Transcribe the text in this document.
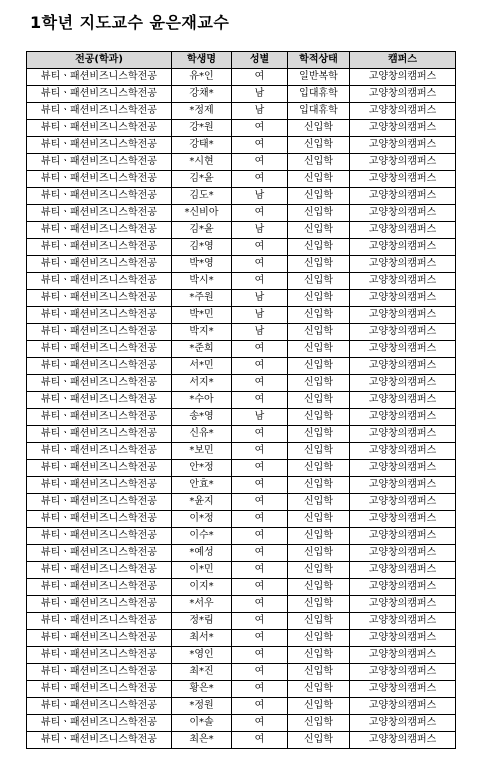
1학년 지도교수 윤은재교수
전공(학과)	학생명	성별	학적상태	캠퍼스
뷰티ㆍ패션비즈니스학전공	유*인	여	일반복학	고양창의캠퍼스
뷰티ㆍ패션비즈니스학전공	강채*	남	입대휴학	고양창의캠퍼스
뷰티ㆍ패션비즈니스학전공	*정제	남	입대휴학	고양창의캠퍼스
뷰티ㆍ패션비즈니스학전공	강*원	여	신입학	고양창의캠퍼스
뷰티ㆍ패션비즈니스학전공	강태*	여	신입학	고양창의캠퍼스
뷰티ㆍ패션비즈니스학전공	*시현	여	신입학	고양창의캠퍼스
뷰티ㆍ패션비즈니스학전공	김*윤	여	신입학	고양창의캠퍼스
뷰티ㆍ패션비즈니스학전공	김도*	남	신입학	고양창의캠퍼스
뷰티ㆍ패션비즈니스학전공	*신비아	여	신입학	고양창의캠퍼스
뷰티ㆍ패션비즈니스학전공	김*윤	남	신입학	고양창의캠퍼스
뷰티ㆍ패션비즈니스학전공	김*영	여	신입학	고양창의캠퍼스
뷰티ㆍ패션비즈니스학전공	박*영	여	신입학	고양창의캠퍼스
뷰티ㆍ패션비즈니스학전공	박시*	여	신입학	고양창의캠퍼스
뷰티ㆍ패션비즈니스학전공	*주원	남	신입학	고양창의캠퍼스
뷰티ㆍ패션비즈니스학전공	박*민	남	신입학	고양창의캠퍼스
뷰티ㆍ패션비즈니스학전공	박지*	남	신입학	고양창의캠퍼스
뷰티ㆍ패션비즈니스학전공	*준희	여	신입학	고양창의캠퍼스
뷰티ㆍ패션비즈니스학전공	서*민	여	신입학	고양창의캠퍼스
뷰티ㆍ패션비즈니스학전공	서지*	여	신입학	고양창의캠퍼스
뷰티ㆍ패션비즈니스학전공	*수아	여	신입학	고양창의캠퍼스
뷰티ㆍ패션비즈니스학전공	송*영	남	신입학	고양창의캠퍼스
뷰티ㆍ패션비즈니스학전공	신유*	여	신입학	고양창의캠퍼스
뷰티ㆍ패션비즈니스학전공	*보민	여	신입학	고양창의캠퍼스
뷰티ㆍ패션비즈니스학전공	안*정	여	신입학	고양창의캠퍼스
뷰티ㆍ패션비즈니스학전공	안효*	여	신입학	고양창의캠퍼스
뷰티ㆍ패션비즈니스학전공	*윤지	여	신입학	고양창의캠퍼스
뷰티ㆍ패션비즈니스학전공	이*정	여	신입학	고양창의캠퍼스
뷰티ㆍ패션비즈니스학전공	이수*	여	신입학	고양창의캠퍼스
뷰티ㆍ패션비즈니스학전공	*예성	여	신입학	고양창의캠퍼스
뷰티ㆍ패션비즈니스학전공	이*민	여	신입학	고양창의캠퍼스
뷰티ㆍ패션비즈니스학전공	이지*	여	신입학	고양창의캠퍼스
뷰티ㆍ패션비즈니스학전공	*서우	여	신입학	고양창의캠퍼스
뷰티ㆍ패션비즈니스학전공	정*림	여	신입학	고양창의캠퍼스
뷰티ㆍ패션비즈니스학전공	최서*	여	신입학	고양창의캠퍼스
뷰티ㆍ패션비즈니스학전공	*영인	여	신입학	고양창의캠퍼스
뷰티ㆍ패션비즈니스학전공	최*진	여	신입학	고양창의캠퍼스
뷰티ㆍ패션비즈니스학전공	황은*	여	신입학	고양창의캠퍼스
뷰티ㆍ패션비즈니스학전공	*정원	여	신입학	고양창의캠퍼스
뷰티ㆍ패션비즈니스학전공	이*솔	여	신입학	고양창의캠퍼스
뷰티ㆍ패션비즈니스학전공	최은*	여	신입학	고양창의캠퍼스
